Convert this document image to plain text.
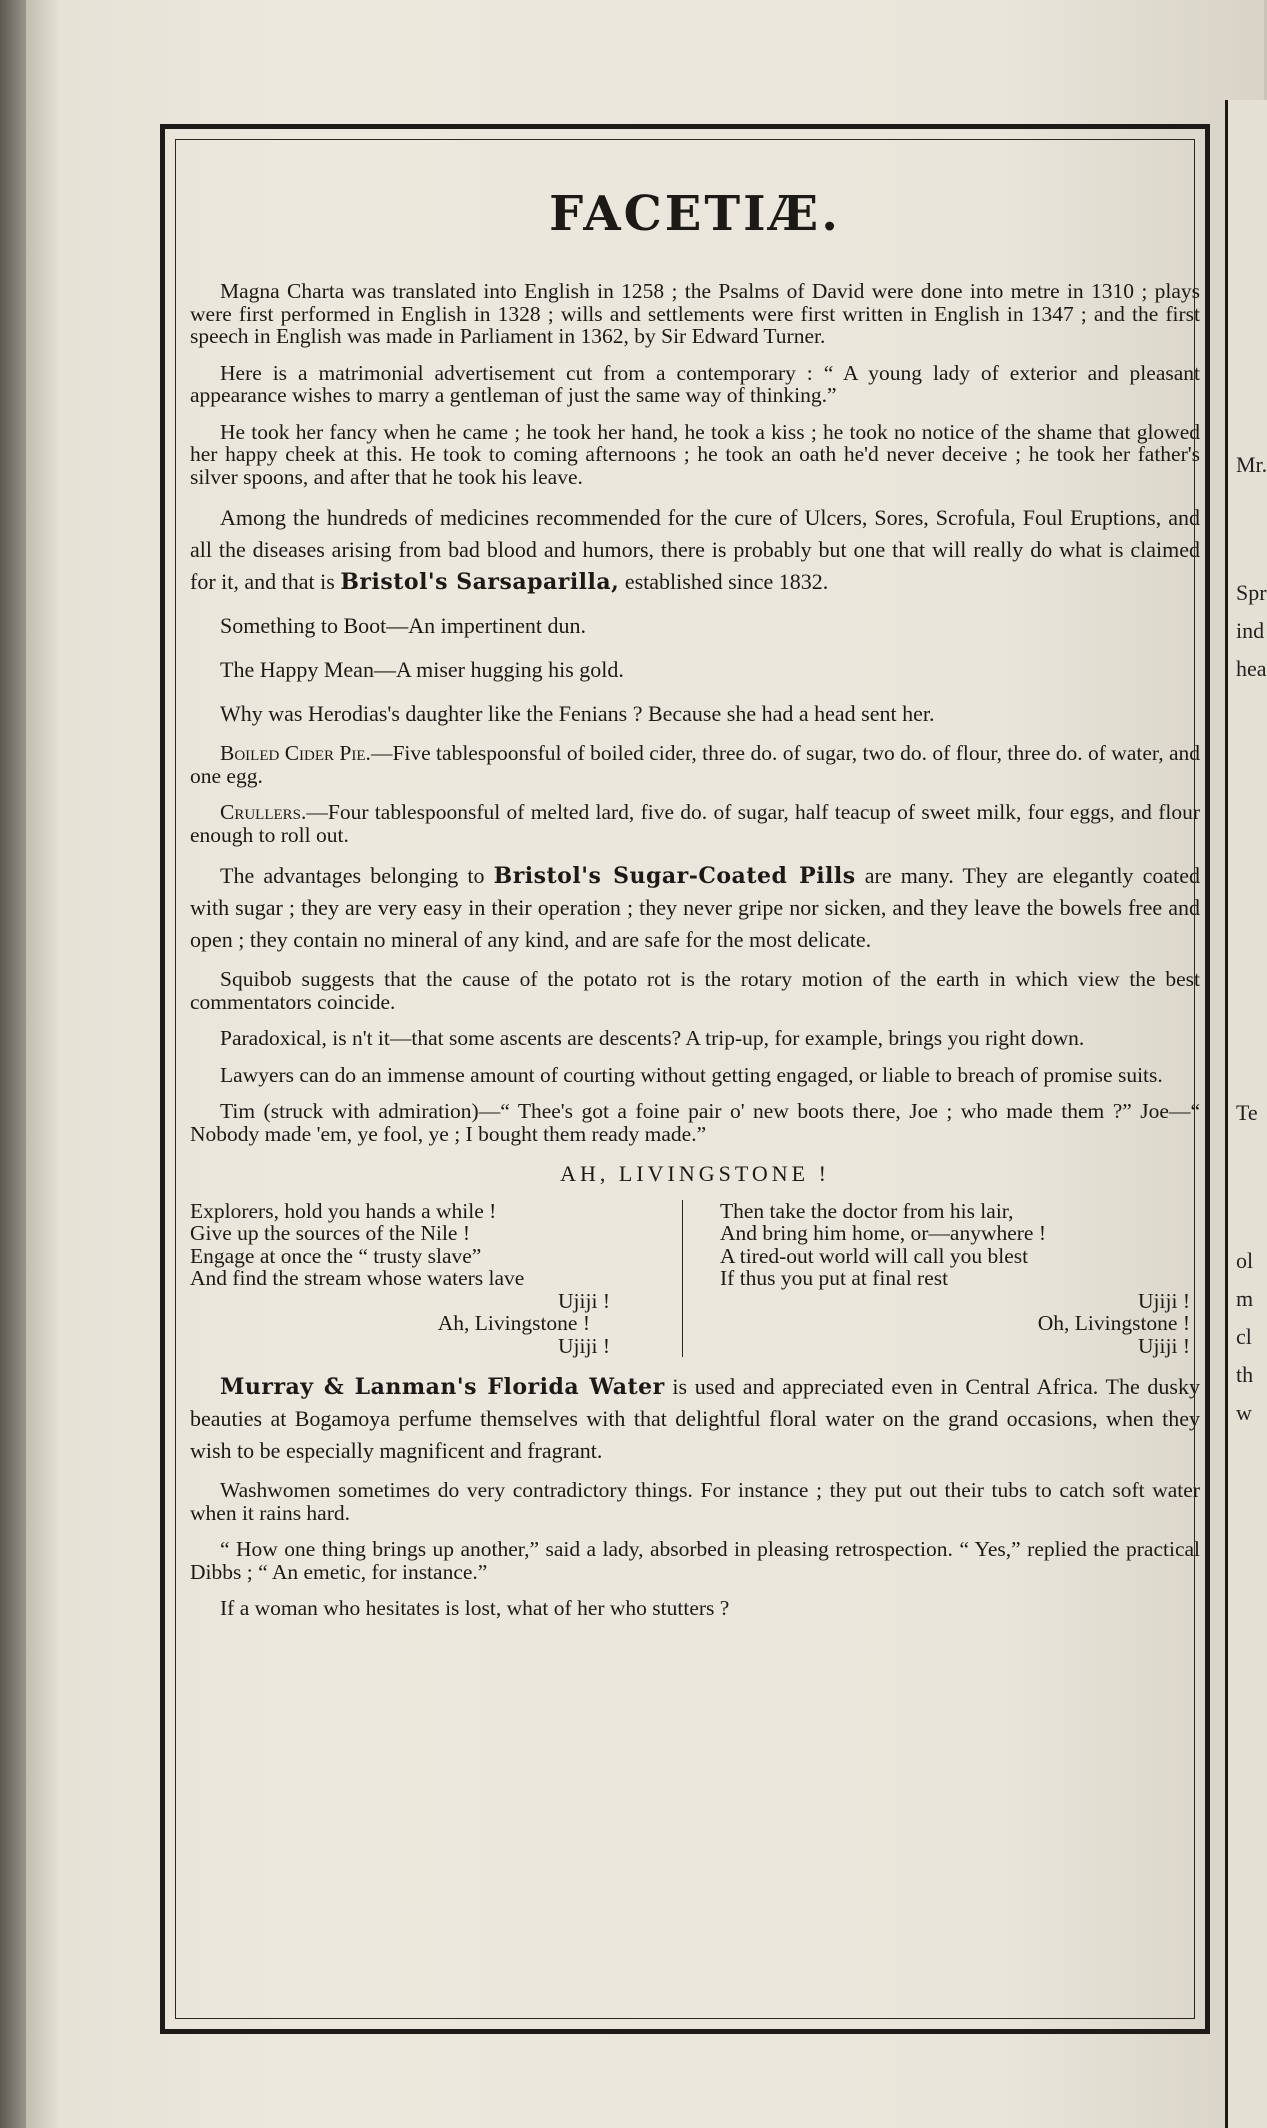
Mr.
Spr
ind
hea
Te
ol
m
cl
th
w
FACETIÆ.

Magna Charta was translated into English in 1258 ; the Psalms of David were done into metre in 1310 ; plays were first performed in English in 1328 ; wills and settlements were first written in English in 1347 ; and the first speech in English was made in Parliament in 1362, by Sir Edward Turner.

Here is a matrimonial advertisement cut from a contemporary : “ A young lady of exterior and pleasant appearance wishes to marry a gentleman of just the same way of thinking.”

He took her fancy when he came ; he took her hand, he took a kiss ; he took no notice of the shame that glowed her happy cheek at this. He took to coming afternoons ; he took an oath he'd never deceive ; he took her father's silver spoons, and after that he took his leave.

Among the hundreds of medicines recommended for the cure of Ulcers, Sores, Scrofula, Foul Eruptions, and all the diseases arising from bad blood and humors, there is probably but one that will really do what is claimed for it, and that is Bristol's Sarsaparilla, established since 1832.

Something to Boot—An impertinent dun.

The Happy Mean—A miser hugging his gold.

Why was Herodias's daughter like the Fenians ? Because she had a head sent her.

Boiled Cider Pie.—Five tablespoonsful of boiled cider, three do. of sugar, two do. of flour, three do. of water, and one egg.

Crullers.—Four tablespoonsful of melted lard, five do. of sugar, half teacup of sweet milk, four eggs, and flour enough to roll out.

The advantages belonging to Bristol's Sugar-Coated Pills are many. They are elegantly coated with sugar ; they are very easy in their operation ; they never gripe nor sicken, and they leave the bowels free and open ; they contain no mineral of any kind, and are safe for the most delicate.

Squibob suggests that the cause of the potato rot is the rotary motion of the earth in which view the best commentators coincide.

Paradoxical, is n't it—that some ascents are descents? A trip-up, for example, brings you right down.

Lawyers can do an immense amount of courting without getting engaged, or liable to breach of promise suits.

Tim (struck with admiration)—“ Thee's got a foine pair o' new boots there, Joe ; who made them ?” Joe—“ Nobody made 'em, ye fool, ye ; I bought them ready made.”

AH, LIVINGSTONE !
Explorers, hold you hands a while !
Give up the sources of the Nile !
Engage at once the “ trusty slave”
And find the stream whose waters lave
Ujiji !
Ah, Livingstone !
Ujiji !
Then take the doctor from his lair,
And bring him home, or—anywhere !
A tired-out world will call you blest
If thus you put at final rest
Ujiji !
Oh, Livingstone !
Ujiji !

Murray & Lanman's Florida Water is used and appreciated even in Central Africa. The dusky beauties at Bogamoya perfume themselves with that delightful floral water on the grand occasions, when they wish to be especially magnificent and fragrant.

Washwomen sometimes do very contradictory things. For instance ; they put out their tubs to catch soft water when it rains hard.

“ How one thing brings up another,” said a lady, absorbed in pleasing retrospection. “ Yes,” replied the practical Dibbs ; “ An emetic, for instance.”

If a woman who hesitates is lost, what of her who stutters ?
